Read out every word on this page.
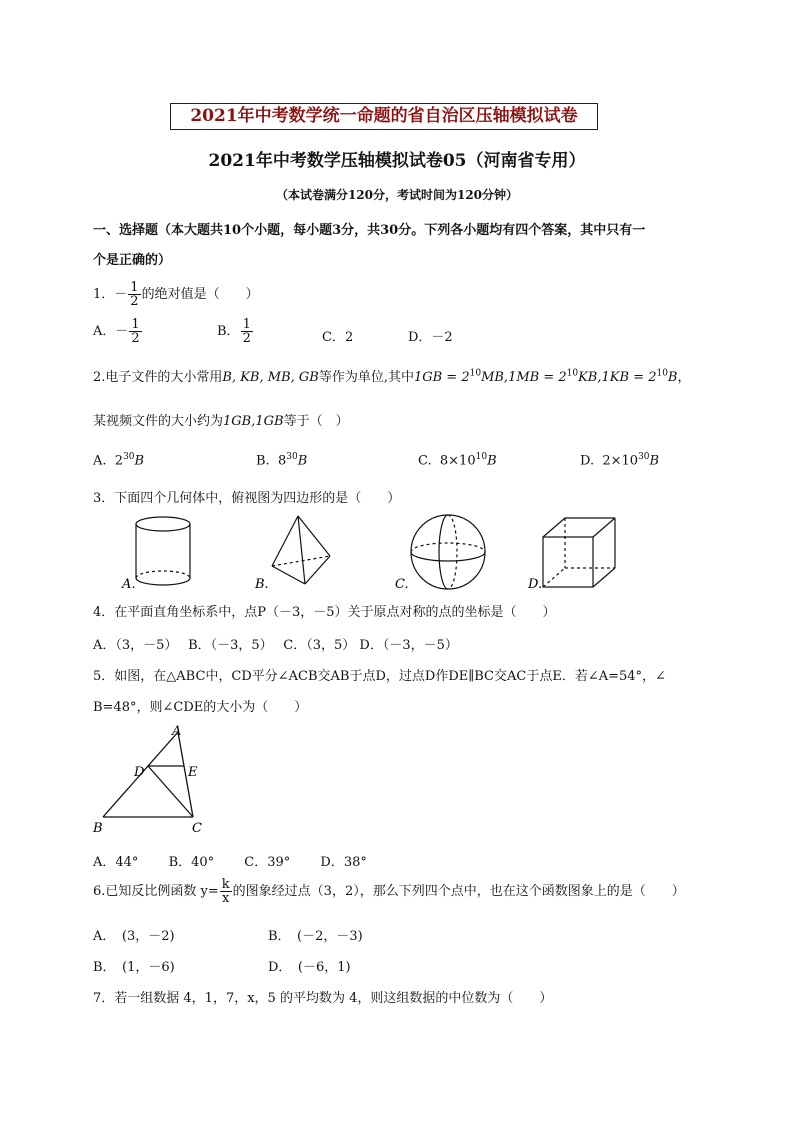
2021年中考数学统一命题的省自治区压轴模拟试卷
2021年中考数学压轴模拟试卷05（河南省专用）
（本试卷满分120分，考试时间为120分钟）
一、选择题（本大题共10个小题，每小题3分，共30分。下列各小题均有四个答案，其中只有一
个是正确的）
1．－ $\frac{1}{2}$ 的绝对值是（　　）
A．－ $\frac{1}{2}$	B． $\frac{1}{2}$	C．2	D．－2
2.电子文件的大小常用B, KB, MB, GB等作为单位,其中$1GB = 2^{10}MB,1MB = 2^{10}KB,1KB = 2^{10}B$，
某视频文件的大小约为1GB,1GB等于（　）
A. $2^{30}B$	B. $8^{30}B$	C. $8\times 10^{10}B$	D. $2\times 10^{30}B$
3．下面四个几何体中，俯视图为四边形的是（　　）
A.	B.	C.	D.
4．在平面直角坐标系中，点P（－3，－5）关于原点对称的点的坐标是（　　）
A．（3，－5）　 B．（－3，5）　 C．（3，5） D．（－3，－5）
5．如图，在△ABC中，CD平分∠ACB交AB于点D，过点D作DE∥BC交AC于点E．若∠A=54°，∠
B=48°，则∠CDE的大小为（　　）
A
D	E
B	C
A．44°　　 B．40°　　 C．39°　　 D．38°
6.已知反比例函数 $y= \frac{k}{x}$ 的图象经过点（3，2），那么下列四个点中，也在这个函数图象上的是（　　）
A．　(3，－2)	B．　(－2，－3)
B．　(1，－6)	D．　(－6，1)
7．若一组数据 4，1，7，x，5 的平均数为 4，则这组数据的中位数为（　　）
